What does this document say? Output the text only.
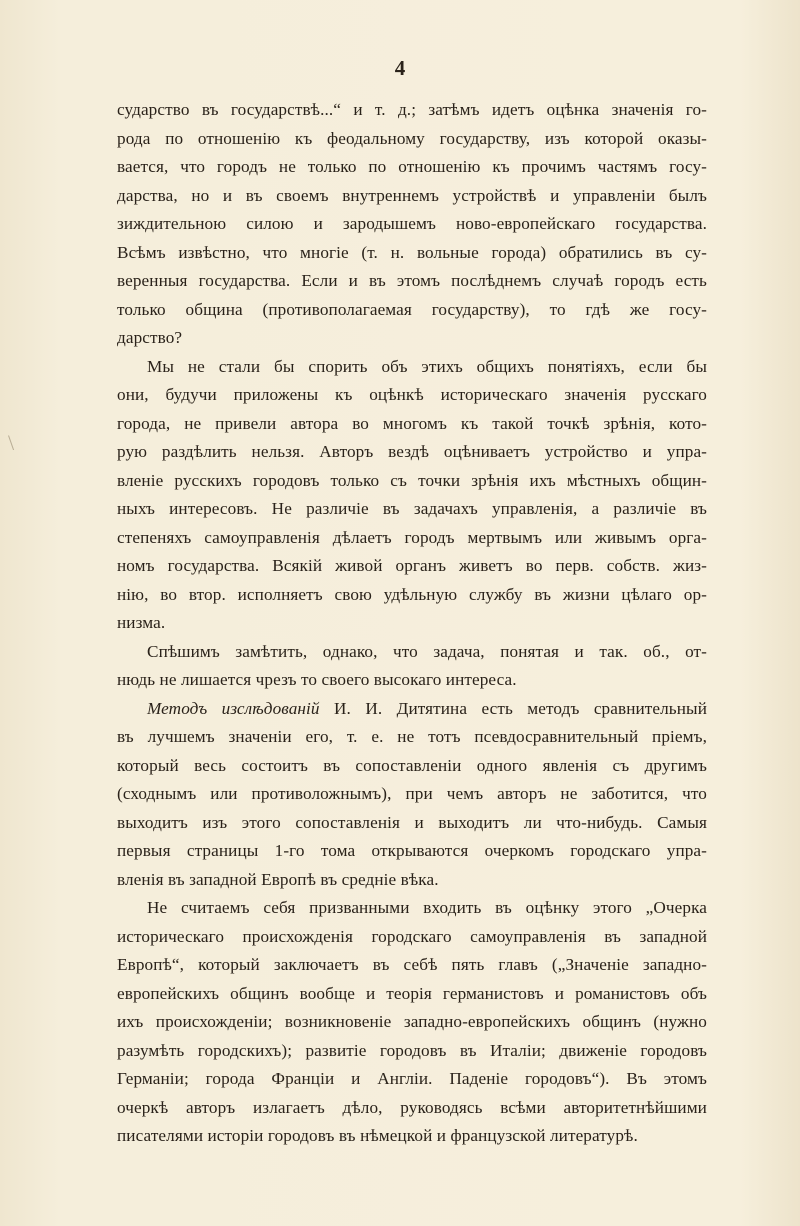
4
\
сударство въ государствѣ...“ и т. д.; затѣмъ идетъ оцѣнка значенія го-
рода по отношенію къ феодальному государству, изъ которой оказы-
вается, что городъ не только по отношенію къ прочимъ частямъ госу-
дарства, но и въ своемъ внутреннемъ устройствѣ и управленіи былъ
зиждительною силою и зародышемъ ново-европейскаго государства.
Всѣмъ извѣстно, что многіе (т. н. вольные города) обратились въ су-
веренныя государства. Если и въ этомъ послѣднемъ случаѣ городъ есть
только община (противополагаемая государству), то гдѣ же госу-
дарство?
Мы не стали бы спорить объ этихъ общихъ понятіяхъ, если бы
они, будучи приложены къ оцѣнкѣ историческаго значенія русскаго
города, не привели автора во многомъ къ такой точкѣ зрѣнія, кото-
рую раздѣлить нельзя. Авторъ вездѣ оцѣниваетъ устройство и упра-
вленіе русскихъ городовъ только съ точки зрѣнія ихъ мѣстныхъ общин-
ныхъ интересовъ. Не различіе въ задачахъ управленія, а различіе въ
степеняхъ самоуправленія дѣлаетъ городъ мертвымъ или живымъ орга-
номъ государства. Всякій живой органъ живетъ во перв. собств. жиз-
нію, во втор. исполняетъ свою удѣльную службу въ жизни цѣлаго ор-
низма.
Спѣшимъ замѣтить, однако, что задача, понятая и так. об., от-
нюдь не лишается чрезъ то своего высокаго интереса.
Методъ изслѣдованій И. И. Дитятина есть методъ сравнительный
въ лучшемъ значеніи его, т. е. не тотъ псевдосравнительный пріемъ,
который весь состоитъ въ сопоставленіи одного явленія съ другимъ
(сходнымъ или противоложнымъ), при чемъ авторъ не заботится, что
выходитъ изъ этого сопоставленія и выходитъ ли что-нибудь. Самыя
первыя страницы 1-го тома открываются очеркомъ городскаго упра-
вленія въ западной Европѣ въ средніе вѣка.
Не считаемъ себя призванными входить въ оцѣнку этого „Очерка
историческаго происхожденія городскаго самоуправленія въ западной
Европѣ“, который заключаетъ въ себѣ пять главъ („Значеніе западно-
европейскихъ общинъ вообще и теорія германистовъ и романистовъ объ
ихъ происхожденіи; возникновеніе западно-европейскихъ общинъ (нужно
разумѣть городскихъ); развитіе городовъ въ Италіи; движеніе городовъ
Германіи; города Франціи и Англіи. Паденіе городовъ“). Въ этомъ
очеркѣ авторъ излагаетъ дѣло, руководясь всѣми авторитетнѣйшими
писателями исторіи городовъ въ нѣмецкой и французской литературѣ.
